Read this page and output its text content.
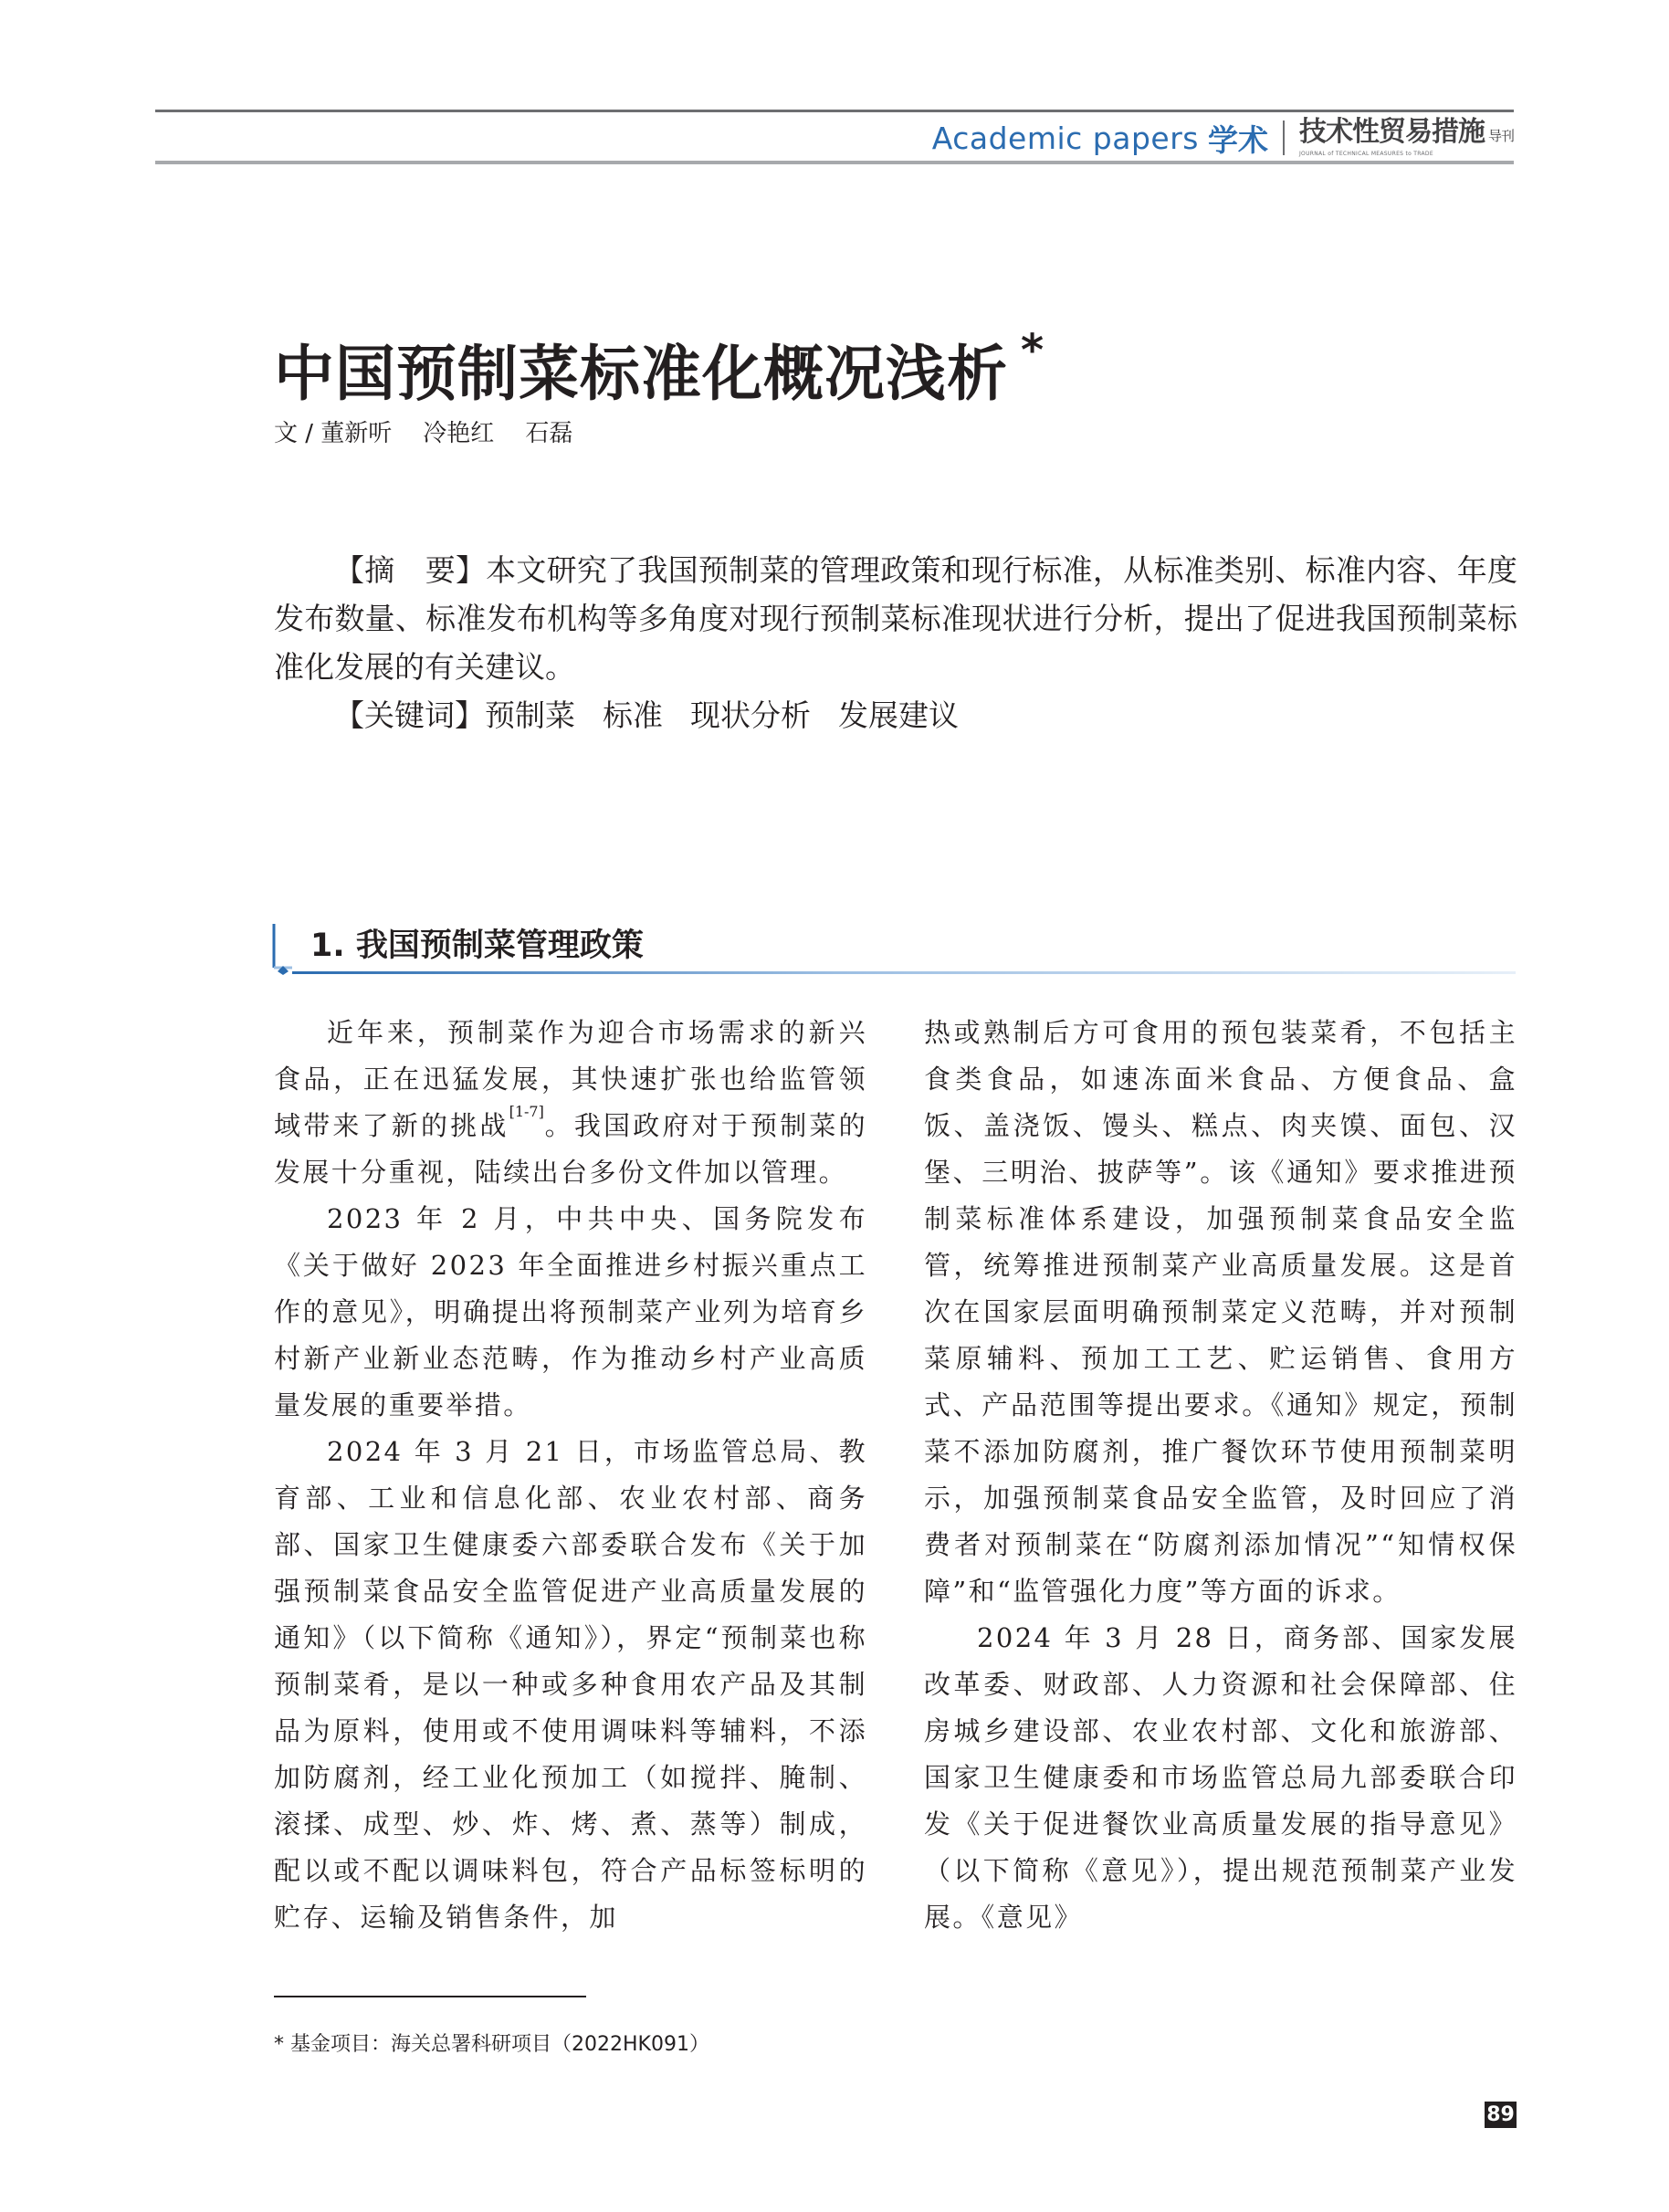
Academic papers 学术 技术性贸易措施 导刊
JOURNAL of TECHNICAL MEASURES to TRADE
中国预制菜标准化概况浅析 *
文 / 董新听 冷艳红 石磊

【摘　要】本文研究了我国预制菜的管理政策和现行标准，从标准类别、标准内容、年度发布数量、标准发布机构等多角度对现行预制菜标准现状进行分析，提出了促进我国预制菜标准化发展的有关建议。

【关键词】预制菜 标准 现状分析 发展建议

1. 我国预制菜管理政策

近年来，预制菜作为迎合市场需求的新兴食品，正在迅猛发展，其快速扩张也给监管领域带来了新的挑战[1-7]。我国政府对于预制菜的发展十分重视，陆续出台多份文件加以管理。

2023 年 2 月，中共中央、国务院发布《关于做好 2023 年全面推进乡村振兴重点工作的意见》，明确提出将预制菜产业列为培育乡村新产业新业态范畴，作为推动乡村产业高质量发展的重要举措。

2024 年 3 月 21 日，市场监管总局、教育部、工业和信息化部、农业农村部、商务部、国家卫生健康委六部委联合发布《关于加强预制菜食品安全监管促进产业高质量发展的通知》（以下简称《通知》），界定“预制菜也称预制菜肴，是以一种或多种食用农产品及其制品为原料，使用或不使用调味料等辅料，不添加防腐剂，经工业化预加工（如搅拌、腌制、滚揉、成型、炒、炸、烤、煮、蒸等）制成，配以或不配以调味料包，符合产品标签标明的贮存、运输及销售条件，加

热或熟制后方可食用的预包装菜肴，不包括主食类食品，如速冻面米食品、方便食品、盒饭、盖浇饭、馒头、糕点、肉夹馍、面包、汉堡、三明治、披萨等”。该《通知》要求推进预制菜标准体系建设，加强预制菜食品安全监管，统筹推进预制菜产业高质量发展。这是首次在国家层面明确预制菜定义范畴，并对预制菜原辅料、预加工工艺、贮运销售、食用方式、产品范围等提出要求。《通知》规定，预制菜不添加防腐剂，推广餐饮环节使用预制菜明示，加强预制菜食品安全监管，及时回应了消费者对预制菜在“防腐剂添加情况”“知情权保障”和“监管强化力度”等方面的诉求。

2024 年 3 月 28 日，商务部、国家发展改革委、财政部、人力资源和社会保障部、住房城乡建设部、农业农村部、文化和旅游部、国家卫生健康委和市场监管总局九部委联合印发《关于促进餐饮业高质量发展的指导意见》（以下简称《意见》），提出规范预制菜产业发展。《意见》

* 基金项目：海关总署科研项目（2022HK091）
89
